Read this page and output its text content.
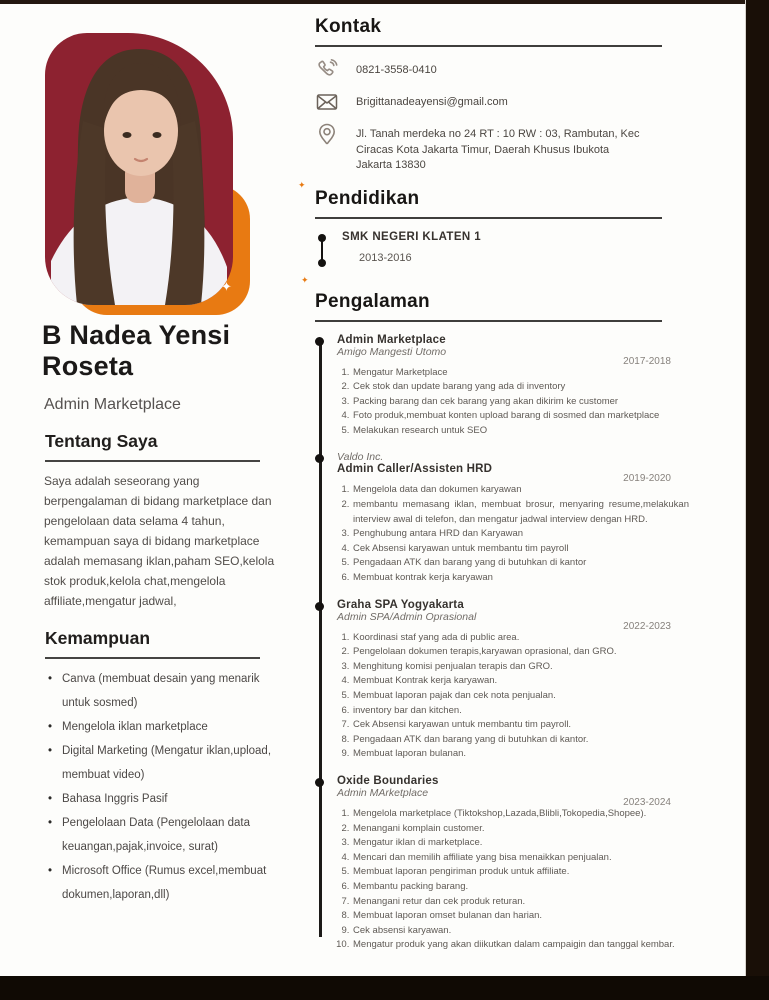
✦
✦
✦
B Nadea Yensi Roseta
Admin Marketplace
Tentang Saya

Saya adalah seseorang yang berpengalaman di bidang marketplace dan pengelolaan data selama 4 tahun, kemampuan saya di bidang marketplace adalah memasang iklan,paham SEO,kelola stok produk,kelola chat,mengelola affiliate,mengatur jadwal,

Kemampuan
• Canva (membuat desain yang menarik untuk sosmed)
• Mengelola iklan marketplace
• Digital Marketing (Mengatur iklan,upload, membuat video)
• Bahasa Inggris Pasif
• Pengelolaan Data (Pengelolaan data keuangan,pajak,invoice, surat)
• Microsoft Office (Rumus excel,membuat dokumen,laporan,dll)
Kontak
0821-3558-0410
Brigittanadeayensi@gmail.com
Jl. Tanah merdeka no 24 RT : 10 RW : 03, Rambutan, Kec Ciracas Kota Jakarta Timur, Daerah Khusus Ibukota Jakarta 13830
Pendidikan
SMK NEGERI KLATEN 1
2013-2016
Pengalaman
Admin Marketplace
Amigo Mangesti Utomo
2017-2018
1. Mengatur Marketplace
2. Cek stok dan update barang yang ada di inventory
3. Packing barang dan cek barang yang akan dikirim ke customer
4. Foto produk,membuat konten upload barang di sosmed dan marketplace
5. Melakukan research untuk SEO
Valdo Inc.
Admin Caller/Assisten HRD
2019-2020
1. Mengelola data dan dokumen karyawan
2. membantu memasang iklan, membuat brosur, menyaring resume,melakukan interview awal di telefon, dan mengatur jadwal interview dengan HRD.
3. Penghubung antara HRD dan Karyawan
4. Cek Absensi karyawan untuk membantu tim payroll
5. Pengadaan ATK dan barang yang di butuhkan di kantor
6. Membuat kontrak kerja karyawan
Graha SPA Yogyakarta
Admin SPA/Admin Oprasional
2022-2023
1. Koordinasi staf yang ada di public area.
2. Pengelolaan dokumen terapis,karyawan oprasional, dan GRO.
3. Menghitung komisi penjualan terapis dan GRO.
4. Membuat Kontrak kerja karyawan.
5. Membuat laporan pajak dan cek nota penjualan.
6. inventory bar dan kitchen.
7. Cek Absensi karyawan untuk membantu tim payroll.
8. Pengadaan ATK dan barang yang di butuhkan di kantor.
9. Membuat laporan bulanan.
Oxide Boundaries
Admin MArketplace
2023-2024
1. Mengelola marketplace (Tiktokshop,Lazada,Blibli,Tokopedia,Shopee).
2. Menangani komplain customer.
3. Mengatur iklan di marketplace.
4. Mencari dan memilih affiliate yang bisa menaikkan penjualan.
5. Membuat laporan pengiriman produk untuk affiliate.
6. Membantu packing barang.
7. Menangani retur dan cek produk returan.
8. Membuat laporan omset bulanan dan harian.
9. Cek absensi karyawan.
10. Mengatur produk yang akan diikutkan dalam campaigin dan tanggal kembar.
